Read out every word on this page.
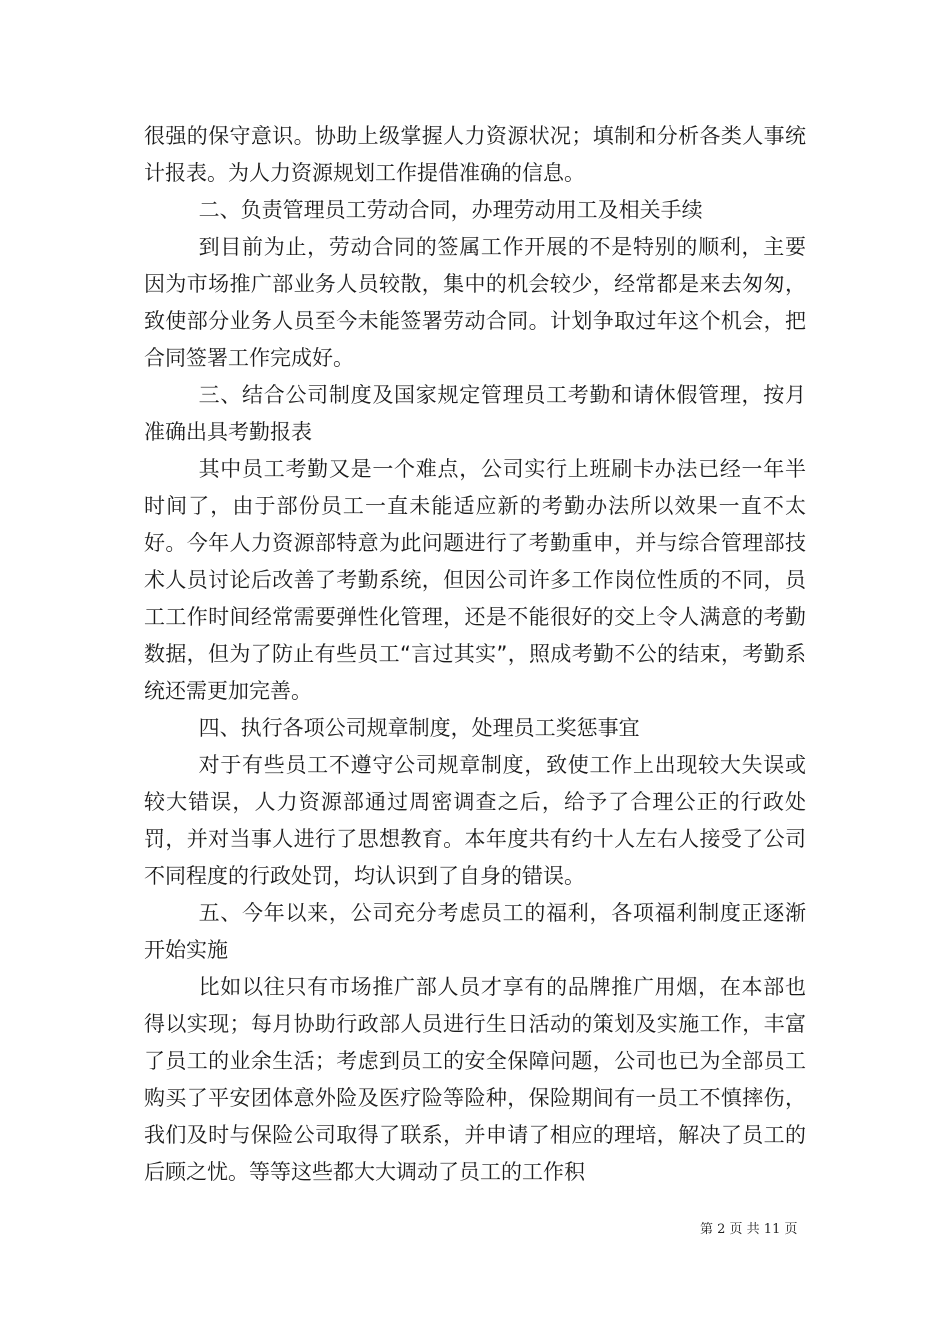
很强的保守意识。协助上级掌握人力资源状况；填制和分析各类人事统计报表。为人力资源规划工作提借准确的信息。

二、负责管理员工劳动合同，办理劳动用工及相关手续

到目前为止，劳动合同的签属工作开展的不是特别的顺利，主要因为市场推广部业务人员较散，集中的机会较少，经常都是来去匆匆，致使部分业务人员至今未能签署劳动合同。计划争取过年这个机会，把合同签署工作完成好。

三、结合公司制度及国家规定管理员工考勤和请休假管理，按月准确出具考勤报表

其中员工考勤又是一个难点，公司实行上班刷卡办法已经一年半时间了，由于部份员工一直未能适应新的考勤办法所以效果一直不太好。今年人力资源部特意为此问题进行了考勤重申，并与综合管理部技术人员讨论后改善了考勤系统，但因公司许多工作岗位性质的不同，员工工作时间经常需要弹性化管理，还是不能很好的交上令人满意的考勤数据，但为了防止有些员工“言过其实”，照成考勤不公的结束，考勤系统还需更加完善。

四、执行各项公司规章制度，处理员工奖惩事宜

对于有些员工不遵守公司规章制度，致使工作上出现较大失误或较大错误，人力资源部通过周密调查之后，给予了合理公正的行政处罚，并对当事人进行了思想教育。本年度共有约十人左右人接受了公司不同程度的行政处罚，均认识到了自身的错误。

五、今年以来，公司充分考虑员工的福利，各项福利制度正逐渐开始实施

比如以往只有市场推广部人员才享有的品牌推广用烟，在本部也得以实现；每月协助行政部人员进行生日活动的策划及实施工作，丰富了员工的业余生活；考虑到员工的安全保障问题，公司也已为全部员工购买了平安团体意外险及医疗险等险种，保险期间有一员工不慎摔伤，我们及时与保险公司取得了联系，并申请了相应的理培，解决了员工的后顾之忧。等等这些都大大调动了员工的工作积

第 2 页 共 11 页
